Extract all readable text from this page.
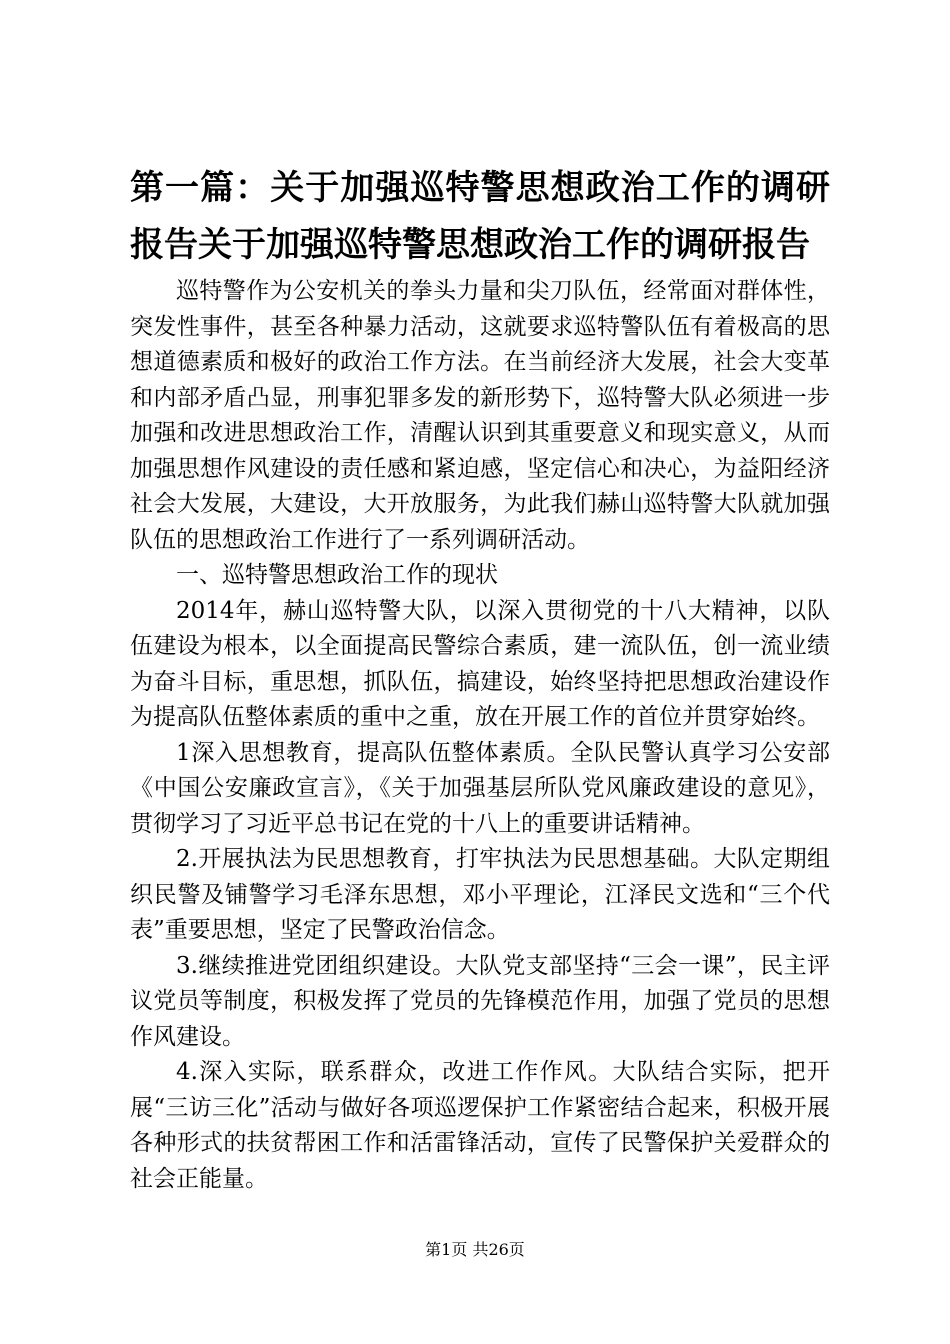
第一篇：关于加强巡特警思想政治工作的调研报告关于加强巡特警思想政治工作的调研报告

巡特警作为公安机关的拳头力量和尖刀队伍，经常面对群体性，突发性事件，甚至各种暴力活动，这就要求巡特警队伍有着极高的思想道德素质和极好的政治工作方法。在当前经济大发展，社会大变革和内部矛盾凸显，刑事犯罪多发的新形势下，巡特警大队必须进一步加强和改进思想政治工作，清醒认识到其重要意义和现实意义，从而加强思想作风建设的责任感和紧迫感，坚定信心和决心，为益阳经济社会大发展，大建设，大开放服务，为此我们赫山巡特警大队就加强队伍的思想政治工作进行了一系列调研活动。

一、巡特警思想政治工作的现状

2014年，赫山巡特警大队，以深入贯彻党的十八大精神，以队伍建设为根本，以全面提高民警综合素质，建一流队伍，创一流业绩为奋斗目标，重思想，抓队伍，搞建设，始终坚持把思想政治建设作为提高队伍整体素质的重中之重，放在开展工作的首位并贯穿始终。

1深入思想教育，提高队伍整体素质。全队民警认真学习公安部《中国公安廉政宣言》，《关于加强基层所队党风廉政建设的意见》，贯彻学习了习近平总书记在党的十八上的重要讲话精神。

2.开展执法为民思想教育，打牢执法为民思想基础。大队定期组织民警及铺警学习毛泽东思想，邓小平理论，江泽民文选和“三个代表”重要思想，坚定了民警政治信念。

3.继续推进党团组织建设。大队党支部坚持“三会一课”，民主评议党员等制度，积极发挥了党员的先锋模范作用，加强了党员的思想作风建设。

4.深入实际，联系群众，改进工作作风。大队结合实际，把开展“三访三化”活动与做好各项巡逻保护工作紧密结合起来，积极开展各种形式的扶贫帮困工作和活雷锋活动，宣传了民警保护关爱群众的社会正能量。

第1页 共26页
